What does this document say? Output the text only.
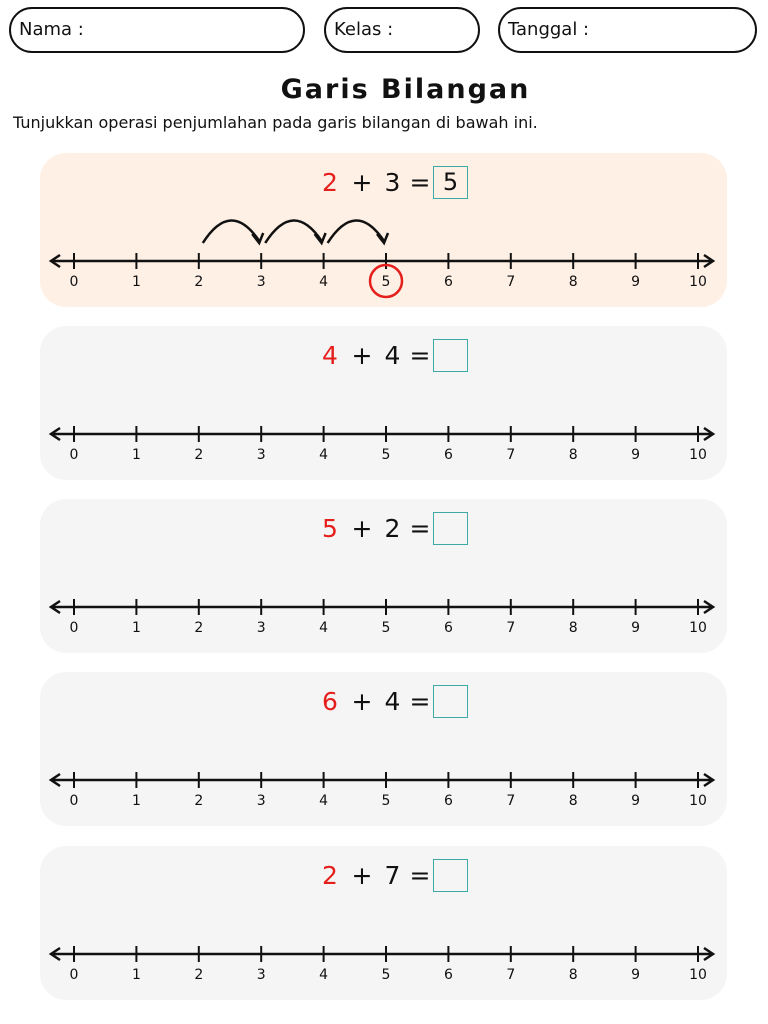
Nama :	Kelas :	Tanggal :
Garis Bilangan
Tunjukkan operasi penjumlahan pada garis bilangan di bawah ini.
2 + 3 = 5
0	1	2	3	4	5	6	7	8	9	10
4 + 4 =
0	1	2	3	4	5	6	7	8	9	10
5 + 2 =
0	1	2	3	4	5	6	7	8	9	10
6 + 4 =
0	1	2	3	4	5	6	7	8	9	10
2 + 7 =
0	1	2	3	4	5	6	7	8	9	10
